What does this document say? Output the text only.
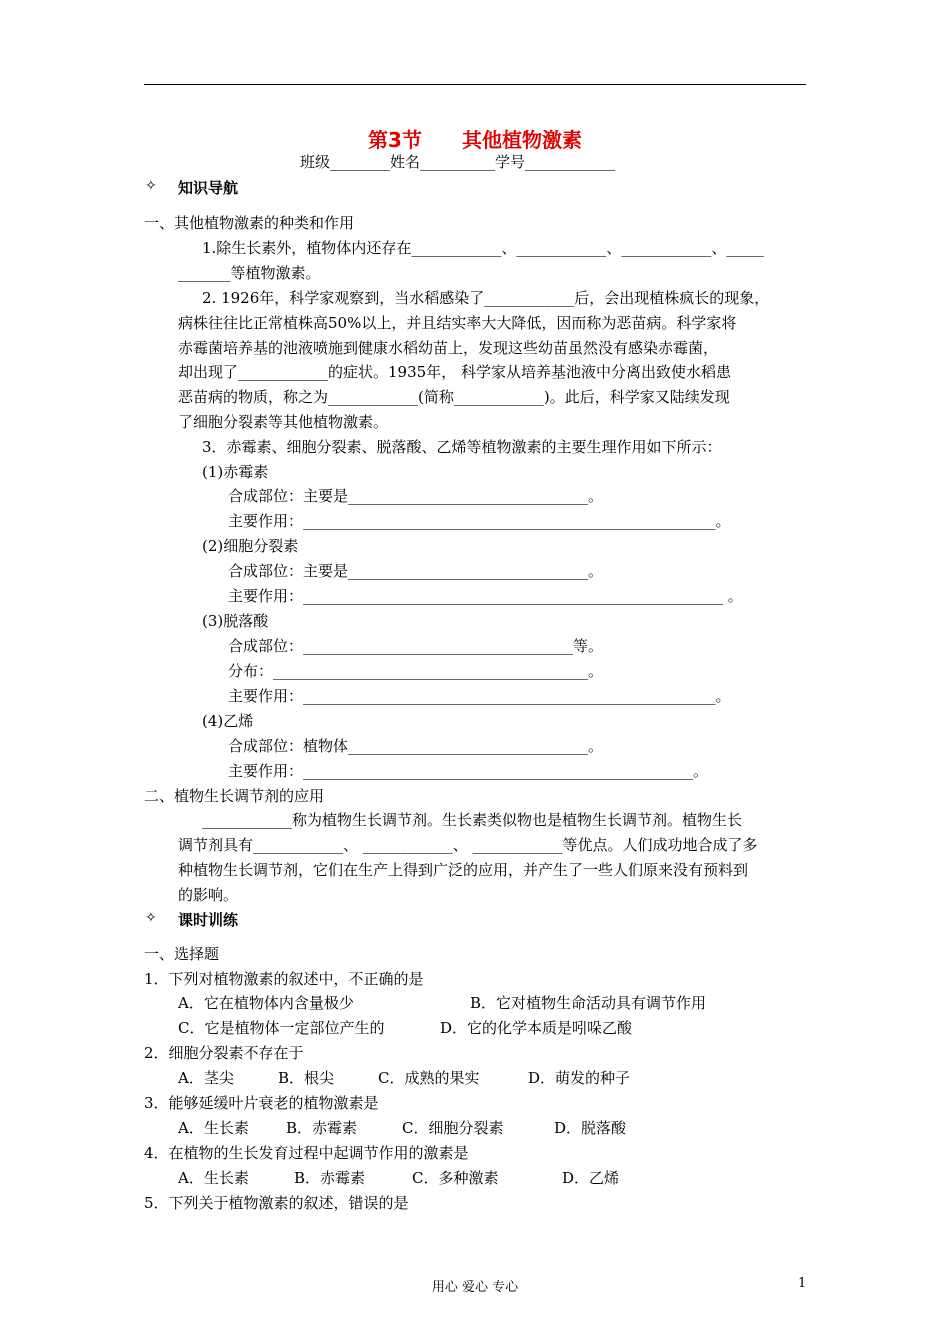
第3节　　其他植物激素
班级________姓名__________学号____________
✧ 知识导航
一、其他植物激素的种类和作用
1.除生长素外，植物体内还存在____________、____________、____________、_____
_______等植物激素。
2. 1926年，科学家观察到，当水稻感染了____________后，会出现植株疯长的现象，
病株往往比正常植株高50%以上，并且结实率大大降低，因而称为恶苗病。科学家将
赤霉菌培养基的池液喷施到健康水稻幼苗上，发现这些幼苗虽然没有感染赤霉菌，
却出现了____________的症状。1935年， 科学家从培养基池液中分离出致使水稻患
恶苗病的物质，称之为____________(简称____________)。此后，科学家又陆续发现
了细胞分裂素等其他植物激素。
3．赤霉素、细胞分裂素、脱落酸、乙烯等植物激素的主要生理作用如下所示：
(1)赤霉素
合成部位：主要是________________________________。
主要作用：_______________________________________________________。
(2)细胞分裂素
合成部位：主要是________________________________。
主要作用：________________________________________________________ 。
(3)脱落酸
合成部位：____________________________________等。
分布：__________________________________________。
主要作用：_______________________________________________________。
(4)乙烯
合成部位：植物体________________________________。
主要作用：____________________________________________________。
二、植物生长调节剂的应用
____________称为植物生长调节剂。生长素类似物也是植物生长调节剂。植物生长
调节剂具有____________、 ____________、 ____________等优点。人们成功地合成了多
种植物生长调节剂，它们在生产上得到广泛的应用，并产生了一些人们原来没有预料到
的影响。
✧ 课时训练
一、选择题
1．下列对植物激素的叙述中，不正确的是
A．它在植物体内含量极少	B．它对植物生命活动具有调节作用
C．它是植物体一定部位产生的	D．它的化学本质是吲哚乙酸
2．细胞分裂素不存在于
A．茎尖	B．根尖	C．成熟的果实	D．萌发的种子
3．能够延缓叶片衰老的植物激素是
A．生长素 B．赤霉素	C．细胞分裂素	D．脱落酸
4．在植物的生长发育过程中起调节作用的激素是
A．生长素	B．赤霉素	C．多种激素	D．乙烯
5．下列关于植物激素的叙述，错误的是
用心 爱心 专心	1
